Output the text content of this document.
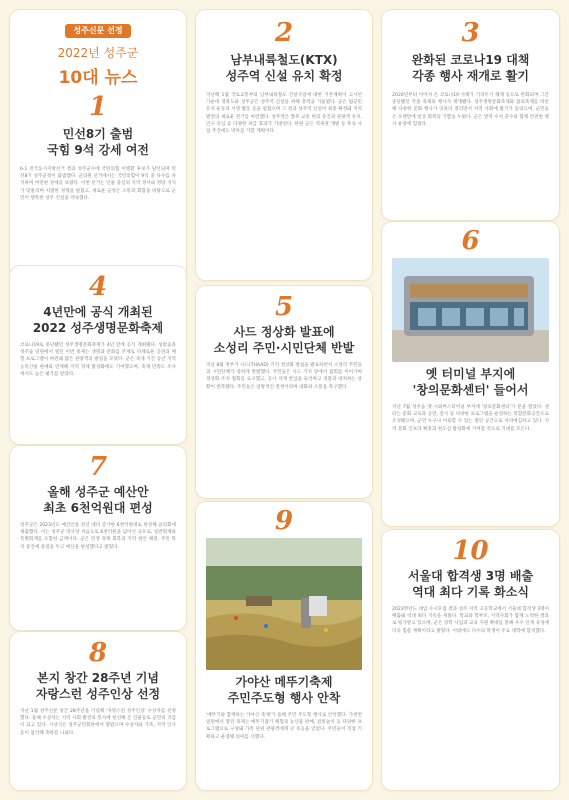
성주신문 선정
2022년 성주군
10대 뉴스
1
민선8기 출범
국힘 9석 강세 여전
6·1 전국동시지방선거 결과 성주군수에 국민의힘 이병환 후보가 당선되며 민선8기 성주군정이 출범했다. 군의원 선거에서는 국민의힘이 9석 중 다수를 차지하며 여전한 강세를 보였다. 이번 선거는 인물 중심의 지역 정서와 정당 지지가 맞물리며 치열한 경쟁을 펼쳤고, 새로운 군정은 소통과 화합을 바탕으로 군민이 행복한 성주 건설을 약속했다.
4
4년만에 공식 개최된
2022 성주생명문화축제
코로나19로 중단됐던 성주생명문화축제가 4년 만에 공식 개최됐다. 성밖숲과 성주읍 일원에서 열린 이번 축제는 생명과 문화를 주제로 다채로운 공연과 체험 프로그램이 마련돼 많은 관광객의 발길을 모았다. 군은 축제 기간 동안 지역 농특산물 판매와 연계해 지역 경제 활성화에도 기여했으며, 축제 만족도 조사에서도 높은 평가를 받았다.
7
올해 성주군 예산안
최초 6천억원대 편성
성주군은 2023년도 예산안을 전년 대비 증가한 6천억원대로 편성해 군의회에 제출했다. 이는 성주군 역사상 처음으로 6천억원을 넘어선 규모로, 일반회계와 특별회계를 포함한 금액이다. 군은 민생 경제 회복과 지역 현안 해결, 주민 복지 증진에 중점을 두고 예산을 편성했다고 밝혔다.
8
본지 창간 28주년 기념
자랑스런 성주인상 선정
지난 1월 성주신문 창간 28주년을 기념해 '자랑스런 성주인상' 수상자를 선정했다. 올해 수상자는 지역 사회 발전과 봉사에 헌신해 온 인물들로 군민의 귀감이 되고 있다. 시상식은 성주군민회관에서 열렸으며 수상자와 가족, 지역 인사 등이 참석해 축하를 나눴다.
2
남부내륙철도(KTX)
성주역 신설 유치 확정
지난해 1월 국토교통부의 남부내륙철도 건설사업에 대한 기본계획이 고시된 가운데 경북도와 성주군은 성주역 신설을 위해 총력을 기울였다. 군은 범군민 유치 운동과 서명 활동 등을 펼쳤으며 그 결과 성주역 신설이 최종 확정돼 지역 발전의 새로운 전기를 마련했다. 성주역은 향후 교통 편의 증진과 관광객 유치, 인구 유입 등 다양한 파급 효과가 기대된다. 한편 군은 역세권 개발 등 후속 사업 추진에도 박차를 가할 계획이다.
5
사드 정상화 발표에
소성리 주민·시민단체 반발
지난 8월 정부가 사드(THAAD) 기지 정상화 방침을 발표하면서 소성리 주민들과 시민단체가 강하게 반발했다. 주민들은 사드 기지 앞에서 집회를 이어가며 정상화 조치 철회를 요구했고, 공사 자재 반입을 둘러싸고 경찰과 대치하는 상황이 반복됐다. 주민들은 일방적인 결정이라며 대화와 소통을 촉구했다.
9
가야산 메뚜기축제
주민주도형 행사 안착
'메뚜기와 함께하는 가야산 축제'가 올해 주민 주도형 행사로 안착했다. 가천면 일원에서 열린 축제는 메뚜기잡기 체험과 농산물 판매, 전통놀이 등 다양한 프로그램으로 구성돼 가족 단위 관광객에게 큰 호응을 얻었다. 주민들이 직접 기획하고 운영해 의미를 더했다.
3
완화된 코로나19 대책
각종 행사 재개로 활기
2020년부터 이어져 온 코로나19 사태가 거리두기 해제 등으로 완화되며 그간 중단됐던 각종 축제와 행사가 재개됐다. 성주생명문화축제와 참외축제를 비롯해 다양한 문화 행사가 잇따라 열리면서 지역 사회에 활기가 돌았으며, 군민들은 오랜만에 일상 회복의 기쁨을 누렸다. 군은 방역 수칙 준수와 함께 안전한 행사 운영에 힘썼다.
6
옛 터미널 부지에
'창의문화센터' 들어서
지난 7월 성주읍 옛 시외버스터미널 부지에 '창의문화센터'가 문을 열었다. 센터는 문화 교육과 공연, 전시 등 다양한 프로그램을 운영하는 복합문화공간으로 조성됐으며, 군민 누구나 이용할 수 있는 열린 공간으로 자리매김하고 있다. 지역 문화 인프라 확충과 원도심 활성화에 기여할 것으로 기대를 모은다.
10
서울대 합격생 3명 배출
역대 최다 기록 화소식
2023학년도 대입 수시모집 결과 성주 지역 고등학교에서 서울대 합격생 3명이 배출돼 역대 최다 기록을 세웠다. 학교와 학부모, 지역사회가 함께 노력한 결과로 평가받고 있으며, 군은 장학 사업과 교육 지원 확대를 통해 우수 인재 육성에 더욱 힘쓸 계획이라고 밝혔다. 이밖에도 다수의 학생이 주요 대학에 합격했다.
